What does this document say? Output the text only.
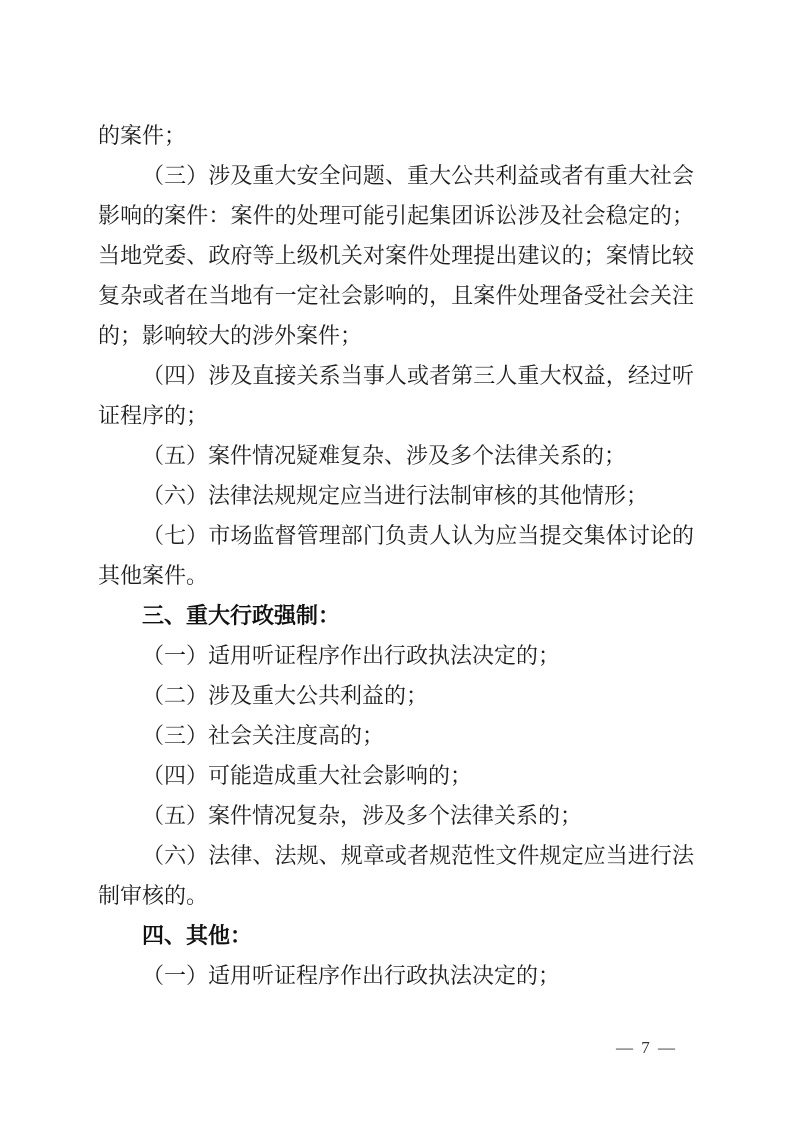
的案件；

（三）涉及重大安全问题、重大公共利益或者有重大社会影响的案件：案件的处理可能引起集团诉讼涉及社会稳定的；当地党委、政府等上级机关对案件处理提出建议的；案情比较复杂或者在当地有一定社会影响的，且案件处理备受社会关注的；影响较大的涉外案件；

（四）涉及直接关系当事人或者第三人重大权益，经过听证程序的；

（五）案件情况疑难复杂、涉及多个法律关系的；

（六）法律法规规定应当进行法制审核的其他情形；

（七）市场监督管理部门负责人认为应当提交集体讨论的其他案件。

三、重大行政强制：

（一）适用听证程序作出行政执法决定的；

（二）涉及重大公共利益的；

（三）社会关注度高的；

（四）可能造成重大社会影响的；

（五）案件情况复杂，涉及多个法律关系的；

（六）法律、法规、规章或者规范性文件规定应当进行法制审核的。

四、其他：

（一）适用听证程序作出行政执法决定的；

— 7 —
